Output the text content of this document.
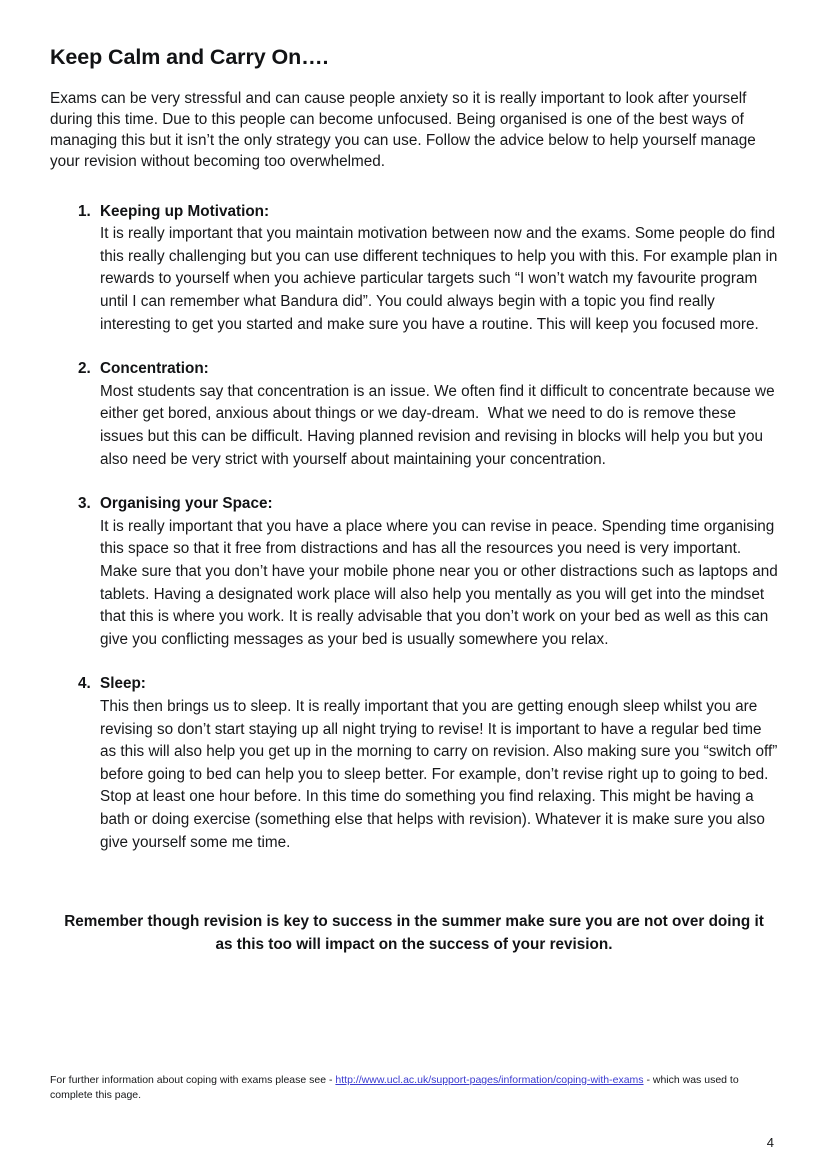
Keep Calm and Carry On….

Exams can be very stressful and can cause people anxiety so it is really important to look after yourself during this time. Due to this people can become unfocused. Being organised is one of the best ways of managing this but it isn’t the only strategy you can use. Follow the advice below to help yourself manage your revision without becoming too overwhelmed.

1. Keeping up Motivation:

It is really important that you maintain motivation between now and the exams. Some people do find this really challenging but you can use different techniques to help you with this. For example plan in rewards to yourself when you achieve particular targets such “I won’t watch my favourite program until I can remember what Bandura did”. You could always begin with a topic you find really interesting to get you started and make sure you have a routine. This will keep you focused more.

2. Concentration:

Most students say that concentration is an issue. We often find it difficult to concentrate because we either get bored, anxious about things or we day-dream.  What we need to do is remove these issues but this can be difficult. Having planned revision and revising in blocks will help you but you also need be very strict with yourself about maintaining your concentration.

3. Organising your Space:

It is really important that you have a place where you can revise in peace. Spending time organising this space so that it free from distractions and has all the resources you need is very important. Make sure that you don’t have your mobile phone near you or other distractions such as laptops and tablets. Having a designated work place will also help you mentally as you will get into the mindset that this is where you work. It is really advisable that you don’t work on your bed as well as this can give you conflicting messages as your bed is usually somewhere you relax.

4. Sleep:

This then brings us to sleep. It is really important that you are getting enough sleep whilst you are revising so don’t start staying up all night trying to revise! It is important to have a regular bed time as this will also help you get up in the morning to carry on revision. Also making sure you “switch off” before going to bed can help you to sleep better. For example, don’t revise right up to going to bed.  Stop at least one hour before. In this time do something you find relaxing. This might be having a bath or doing exercise (something else that helps with revision). Whatever it is make sure you also give yourself some me time.

Remember though revision is key to success in the summer make sure you are not over doing it as this too will impact on the success of your revision.

For further information about coping with exams please see - http://www.ucl.ac.uk/support-pages/information/coping-with-exams - which was used to complete this page.
4
